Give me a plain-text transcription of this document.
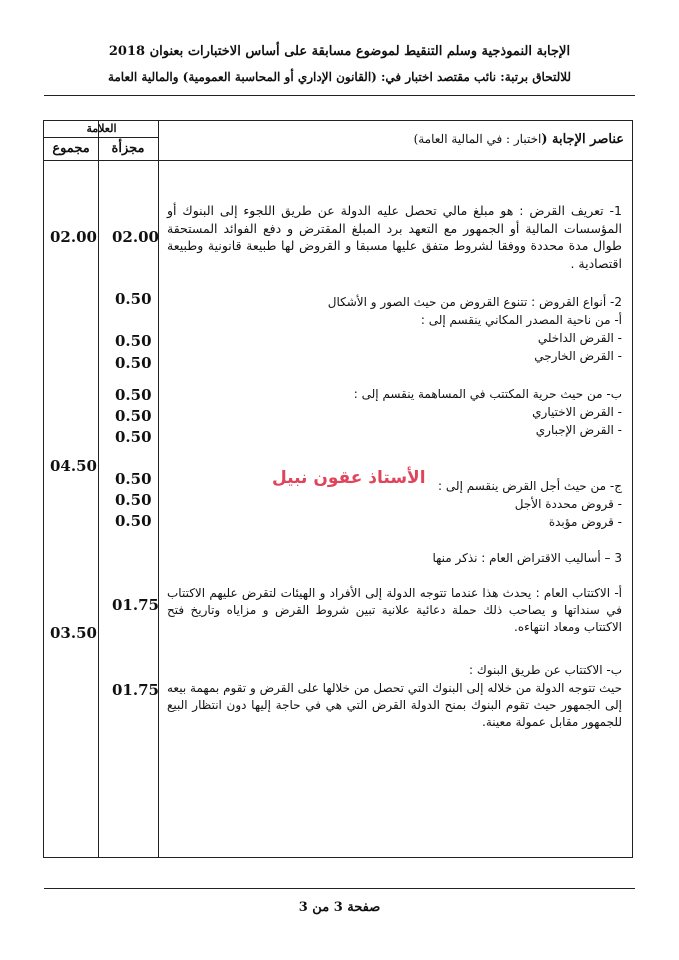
الإجابة النموذجية وسلم التنقيط لموضوع مسابقة على أساس الاختبارات بعنوان 2018
للالتحاق برتبة: نائب مقتصد اختبار في: (القانون الإداري أو المحاسبة العمومية) والمالية العامة
العلامة
مجموع	مجزأة
عناصر الإجابة (اختبار : في المالية العامة)
02.00
04.50
03.50
02.00
0.50
0.50
0.50
0.50
0.50
0.50
0.50
0.50
0.50
01.75
01.75
1- تعريف القرض : هو مبلغ مالي تحصل عليه الدولة عن طريق اللجوء إلى البنوك أو المؤسسات المالية أو الجمهور مع التعهد برد المبلغ المقترض و دفع الفوائد المستحقة طوال مدة محددة ووفقا لشروط متفق عليها مسبقا و القروض لها طبيعة قانونية وطبيعة اقتصادية .
2- أنواع القروض : تتنوع القروض من حيث الصور و الأشكال
أ- من ناحية المصدر المكاني ينقسم إلى :
- القرض الداخلي
- القرض الخارجي
ب- من حيث حرية المكتتب في المساهمة ينقسم إلى :
- القرض الاختياري
- القرض الإجباري
الأستاذ عقون نبيل	ج- من حيث أجل القرض ينقسم إلى :
- قروض محددة الأجل
- قروض مؤبدة
3 – أساليب الاقتراض العام : نذكر منها
أ- الاكتتاب العام : يحدث هذا عندما تتوجه الدولة إلى الأفراد و الهيئات لتقرض عليهم الاكتتاب في سنداتها و يصاحب ذلك حملة دعائية علانية تبين شروط القرض و مزاياه وتاريخ فتح الاكتتاب ومعاد انتهاءه.
ب- الاكتتاب عن طريق البنوك :
حيث تتوجه الدولة من خلاله إلى البنوك التي تحصل من خلالها على القرض و تقوم بمهمة بيعه إلى الجمهور حيث تقوم البنوك بمنح الدولة القرض التي هي في حاجة إليها دون انتظار البيع للجمهور مقابل عمولة معينة.
صفحة 3 من 3
